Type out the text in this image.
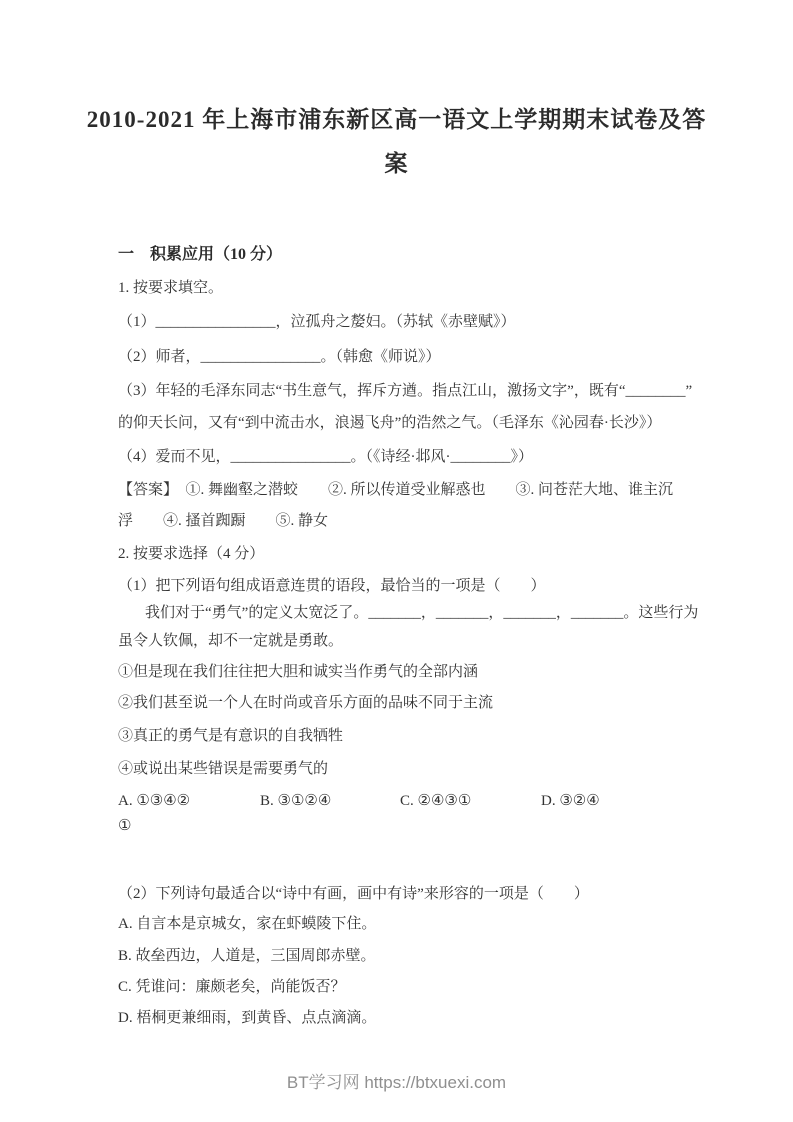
2010-2021 年上海市浦东新区高一语文上学期期末试卷及答
案
一　积累应用（10 分）
1. 按要求填空。
（1）________________，泣孤舟之嫠妇。（苏轼《赤壁赋》）
（2）师者，________________。（韩愈《师说》）
（3）年轻的毛泽东同志“书生意气，挥斥方遒。指点江山，激扬文字”，既有“________”
的仰天长问，又有“到中流击水，浪遏飞舟”的浩然之气。（毛泽东《沁园春·长沙》）
（4）爱而不见，________________。（《诗经·邶风·________》）
【答案】　①. 舞幽壑之潜蛟　　②. 所以传道受业解惑也　　③. 问苍茫大地、谁主沉
浮　　④. 搔首踟蹰　　⑤. 静女
2. 按要求选择（4 分）
（1）把下列语句组成语意连贯的语段，最恰当的一项是（　　）
我们对于“勇气”的定义太宽泛了。_______，_______，_______，_______。这些行为
虽令人钦佩，却不一定就是勇敢。
①但是现在我们往往把大胆和诚实当作勇气的全部内涵
②我们甚至说一个人在时尚或音乐方面的品味不同于主流
③真正的勇气是有意识的自我牺牲
④或说出某些错误是需要勇气的
A. ①③④②	B. ③①②④	C. ②④③①	D. ③②④
①
（2）下列诗句最适合以“诗中有画，画中有诗”来形容的一项是（　　）
A. 自言本是京城女，家在虾蟆陵下住。
B. 故垒西边，人道是，三国周郎赤壁。
C. 凭谁问：廉颇老矣，尚能饭否？
D. 梧桐更兼细雨，到黄昏、点点滴滴。
BT学习网 https://btxuexi.com
